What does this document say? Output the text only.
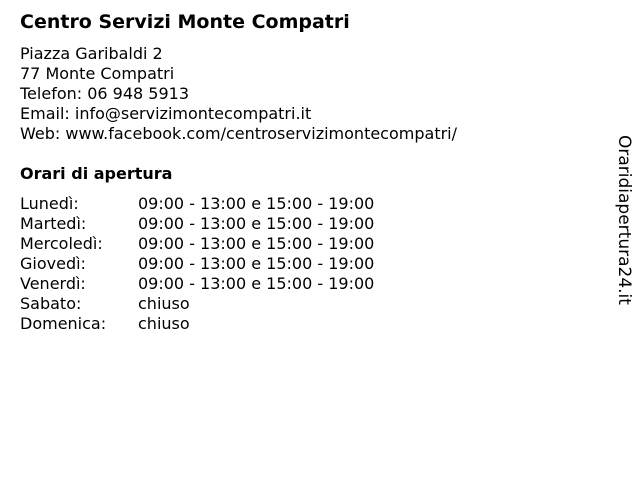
Centro Servizi Monte Compatri
Piazza Garibaldi 2
77 Monte Compatri
Telefon: 06 948 5913
Email: info@servizimontecompatri.it
Web: www.facebook.com/centroservizimontecompatri/
Orari di apertura
Lunedì:	09:00 - 13:00 e 15:00 - 19:00
Martedì:	09:00 - 13:00 e 15:00 - 19:00
Mercoledì: 09:00 - 13:00 e 15:00 - 19:00
Giovedì:	09:00 - 13:00 e 15:00 - 19:00
Venerdì:	09:00 - 13:00 e 15:00 - 19:00
Sabato:	chiuso
Domenica: chiuso
Oraridiapertura24.it
